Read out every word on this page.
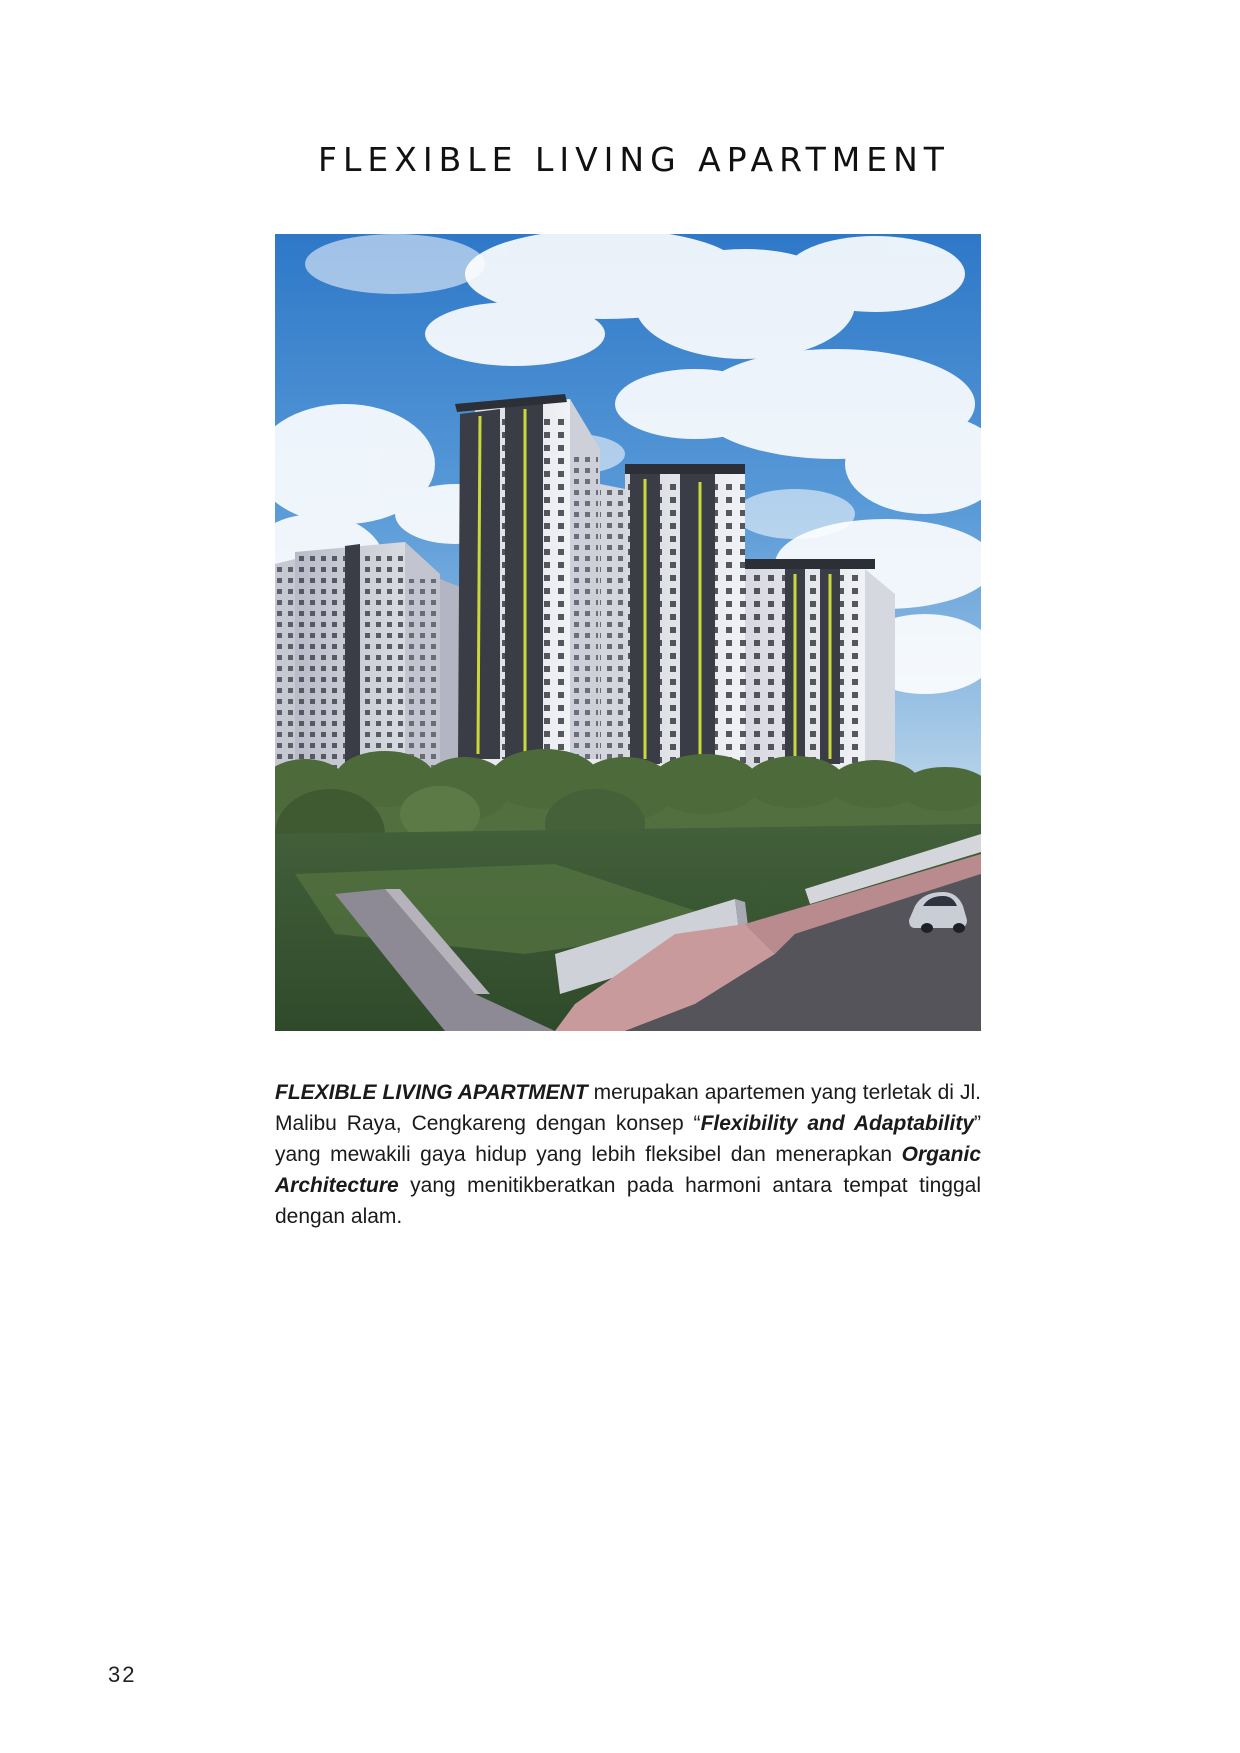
FLEXIBLE LIVING APARTMENT

FLEXIBLE LIVING APARTMENT merupakan apartemen yang terletak di Jl. Malibu Raya, Cengkareng dengan konsep “Flexibility and Adaptability” yang mewakili gaya hidup yang lebih fleksibel dan menerapkan Organic Architecture yang menitikberatkan pada harmoni antara tempat tinggal dengan alam.

32
